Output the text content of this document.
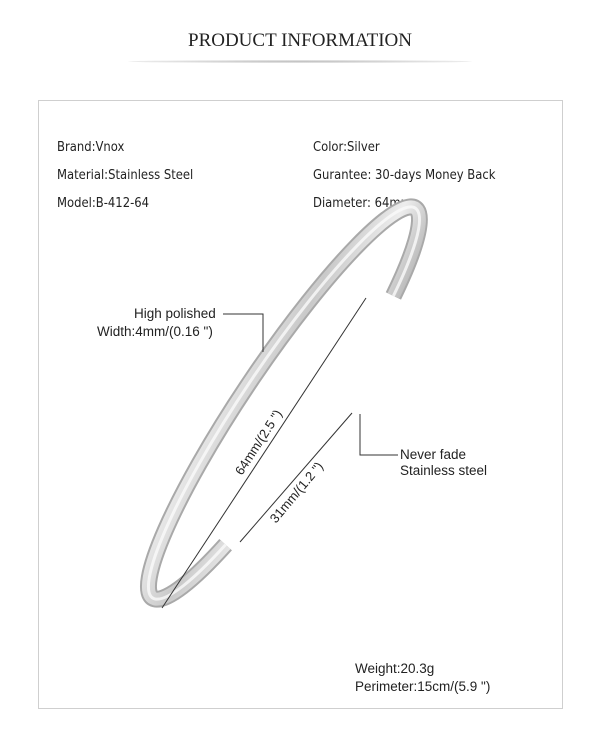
PRODUCT INFORMATION
Brand:Vnox
Material:Stainless Steel
Model:B-412-64
Color:Silver
Gurantee: 30-days Money Back
Diameter: 64mm
64mm/(2.5 ")
31mm/(1.2 ")
High polished
Width:4mm/(0.16 ")
Never fade
Stainless steel
Weight:20.3g
Perimeter:15cm/(5.9 ")
